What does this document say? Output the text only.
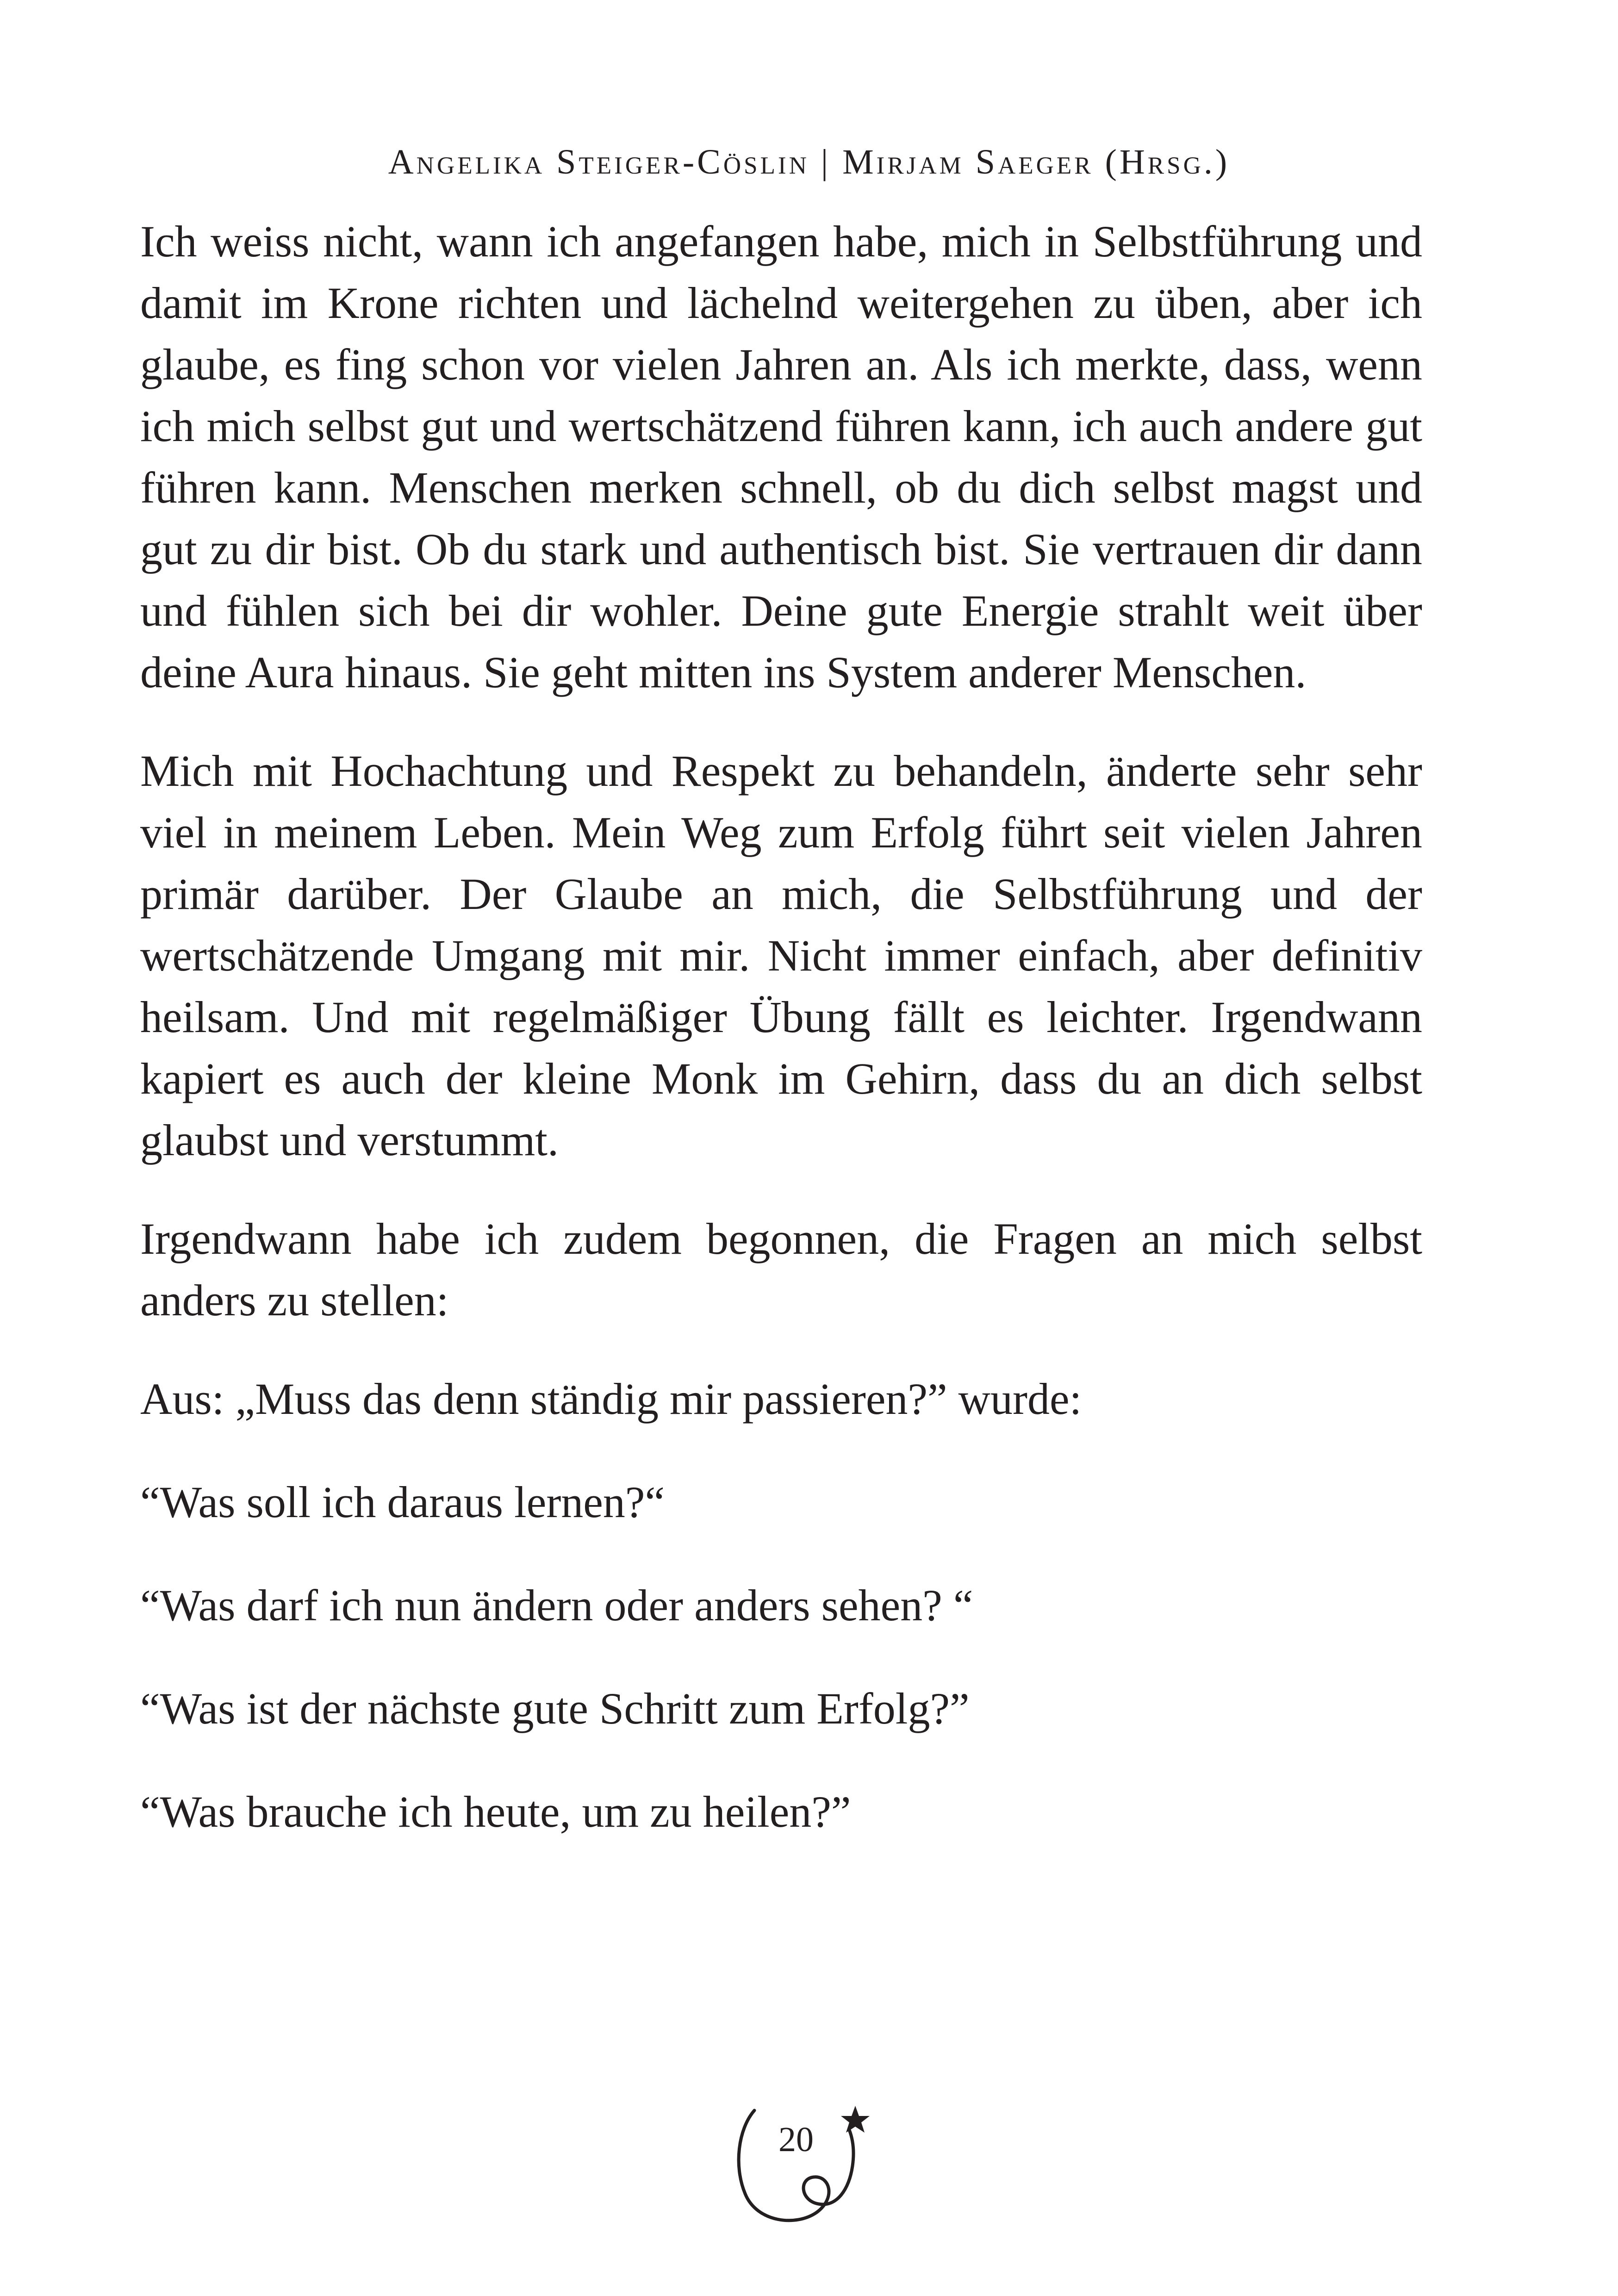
Angelika Steiger-Cöslin | Mirjam Saeger (Hrsg.)

Ich weiss nicht, wann ich angefangen habe, mich in Selbstführung und damit im Krone richten und lächelnd weitergehen zu üben, aber ich glaube, es fing schon vor vielen Jahren an. Als ich merkte, dass, wenn ich mich selbst gut und wertschätzend führen kann, ich auch andere gut führen kann. Menschen merken schnell, ob du dich selbst magst und gut zu dir bist. Ob du stark und authentisch bist. Sie vertrauen dir dann und fühlen sich bei dir wohler. Deine gute Energie strahlt weit über deine Aura hinaus. Sie geht mitten ins System anderer Menschen.

Mich mit Hochachtung und Respekt zu behandeln, änderte sehr sehr viel in meinem Leben. Mein Weg zum Erfolg führt seit vielen Jahren primär darüber. Der Glaube an mich, die Selbstführung und der wertschätzende Umgang mit mir. Nicht immer einfach, aber definitiv heilsam. Und mit regelmäßiger Übung fällt es leichter. Irgendwann kapiert es auch der kleine Monk im Gehirn, dass du an dich selbst glaubst und verstummt.

Irgendwann habe ich zudem begonnen, die Fragen an mich selbst anders zu stellen:

Aus: „Muss das denn ständig mir passieren?” wurde:

“Was soll ich daraus lernen?“

“Was darf ich nun ändern oder anders sehen? “

“Was ist der nächste gute Schritt zum Erfolg?”

“Was brauche ich heute, um zu heilen?”

20
